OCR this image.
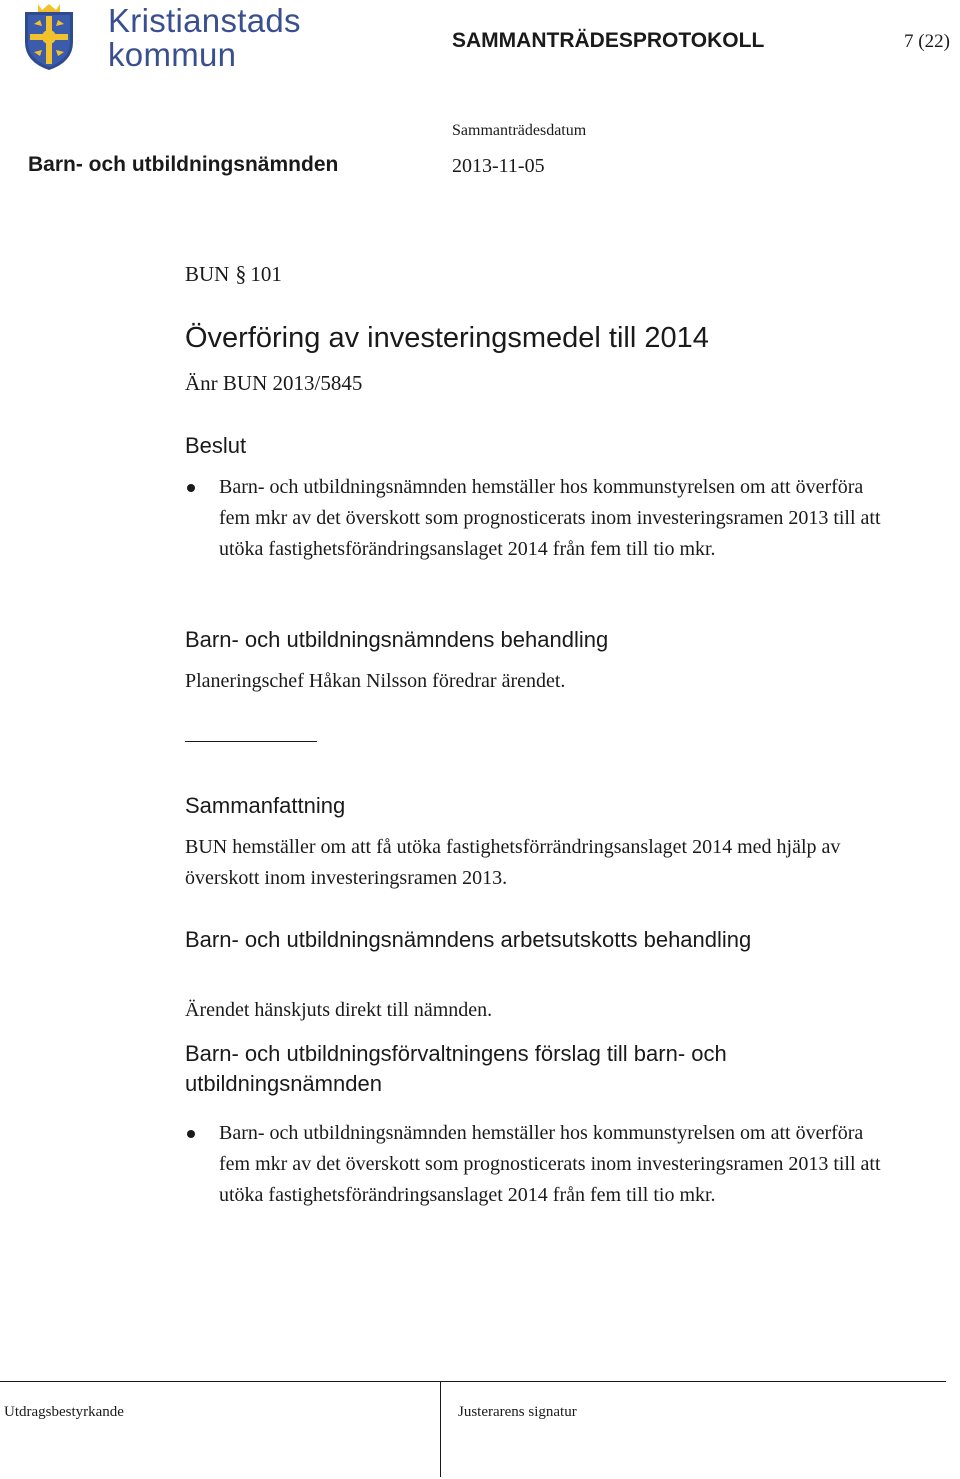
Kristianstads
kommun	SAMMANTRÄDESPROTOKOLL	7 (22)
Sammanträdesdatum
Barn- och utbildningsnämnden	2013-11-05
BUN § 101
Överföring av investeringsmedel till 2014
Änr BUN 2013/5845
Beslut

Barn- och utbildningsnämnden hemställer hos kommunstyrelsen om att överföra fem mkr av det överskott som prognosticerats inom investeringsramen 2013 till att utöka fastighetsförändringsanslaget 2014 från fem till tio mkr.

Barn- och utbildningsnämndens behandling

Planeringschef Håkan Nilsson föredrar ärendet.

Sammanfattning

BUN hemställer om att få utöka fastighetsförrändringsanslaget 2014 med hjälp av överskott inom investeringsramen 2013.

Barn- och utbildningsnämndens arbetsutskotts behandling

Ärendet hänskjuts direkt till nämnden.

Barn- och utbildningsförvaltningens förslag till barn- och utbildningsnämnden

Barn- och utbildningsnämnden hemställer hos kommunstyrelsen om att överföra fem mkr av det överskott som prognosticerats inom investeringsramen 2013 till att utöka fastighetsförändringsanslaget 2014 från fem till tio mkr.

Utdragsbestyrkande	Justerarens signatur
